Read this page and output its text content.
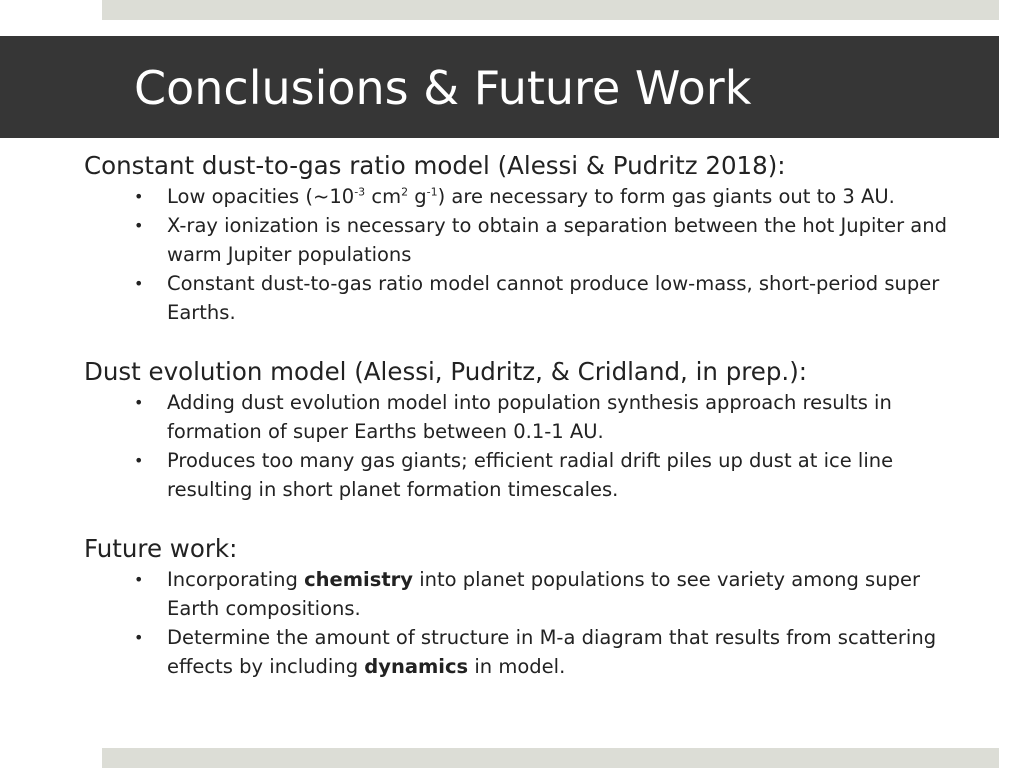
Conclusions & Future Work

Constant dust-to-gas ratio model (Alessi & Pudritz 2018):

• Low opacities ($\sim 10^{-3}$ $cm^2$ $g^{-1}$) are necessary to form gas giants out to 3 AU.
• X-ray ionization is necessary to obtain a separation between the hot Jupiter and warm Jupiter populations
• Constant dust-to-gas ratio model cannot produce low-mass, short-period super Earths.

Dust evolution model (Alessi, Pudritz, & Cridland, in prep.):

• Adding dust evolution model into population synthesis approach results in formation of super Earths between 0.1-1 AU.
• Produces too many gas giants; efficient radial drift piles up dust at ice line resulting in short planet formation timescales.

Future work:

• Incorporating chemistry into planet populations to see variety among super Earth compositions.
• Determine the amount of structure in M-a diagram that results from scattering effects by including dynamics in model.
